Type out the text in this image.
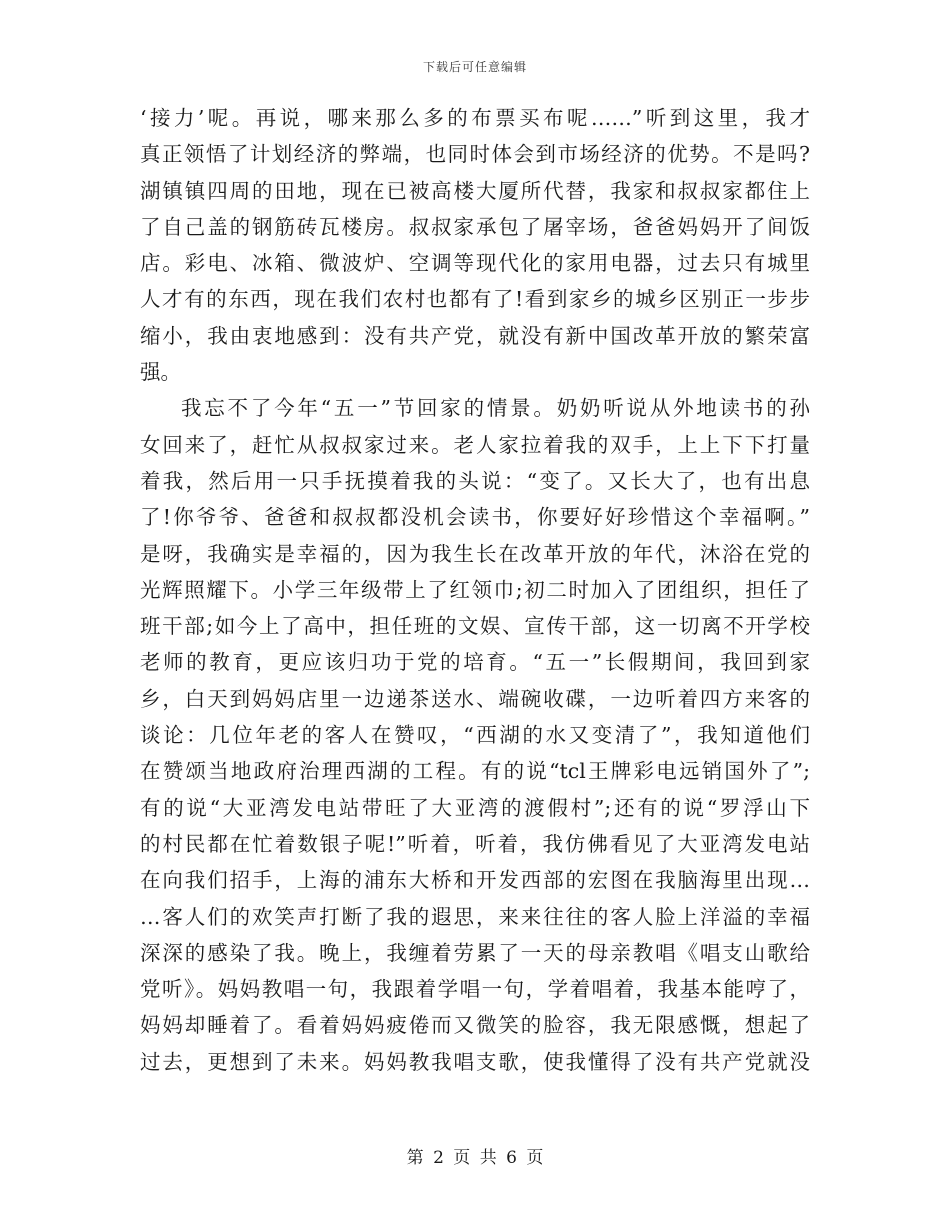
下载后可任意编辑
‘接力’呢。再说，哪来那么多的布票买布呢……”听到这里，我才
真正领悟了计划经济的弊端，也同时体会到市场经济的优势。不是吗?
湖镇镇四周的田地，现在已被高楼大厦所代替，我家和叔叔家都住上
了自己盖的钢筋砖瓦楼房。叔叔家承包了屠宰场，爸爸妈妈开了间饭
店。彩电、冰箱、微波炉、空调等现代化的家用电器，过去只有城里
人才有的东西，现在我们农村也都有了!看到家乡的城乡区别正一步步
缩小，我由衷地感到：没有共产党，就没有新中国改革开放的繁荣富
强。
我忘不了今年“五一”节回家的情景。奶奶听说从外地读书的孙
女回来了，赶忙从叔叔家过来。老人家拉着我的双手，上上下下打量
着我，然后用一只手抚摸着我的头说：“变了。又长大了，也有出息
了!你爷爷、爸爸和叔叔都没机会读书，你要好好珍惜这个幸福啊。”
是呀，我确实是幸福的，因为我生长在改革开放的年代，沐浴在党的
光辉照耀下。小学三年级带上了红领巾;初二时加入了团组织，担任了
班干部;如今上了高中，担任班的文娱、宣传干部，这一切离不开学校
老师的教育，更应该归功于党的培育。“五一”长假期间，我回到家
乡，白天到妈妈店里一边递茶送水、端碗收碟，一边听着四方来客的
谈论：几位年老的客人在赞叹，“西湖的水又变清了”，我知道他们
在赞颂当地政府治理西湖的工程。有的说“tcl王牌彩电远销国外了”;
有的说“大亚湾发电站带旺了大亚湾的渡假村”;还有的说“罗浮山下
的村民都在忙着数银子呢!”听着，听着，我仿佛看见了大亚湾发电站
在向我们招手，上海的浦东大桥和开发西部的宏图在我脑海里出现…
…客人们的欢笑声打断了我的遐思，来来往往的客人脸上洋溢的幸福
深深的感染了我。晚上，我缠着劳累了一天的母亲教唱《唱支山歌给
党听》。妈妈教唱一句，我跟着学唱一句，学着唱着，我基本能哼了，
妈妈却睡着了。看着妈妈疲倦而又微笑的脸容，我无限感慨，想起了
过去，更想到了未来。妈妈教我唱支歌，使我懂得了没有共产党就没
第 2 页 共 6 页
